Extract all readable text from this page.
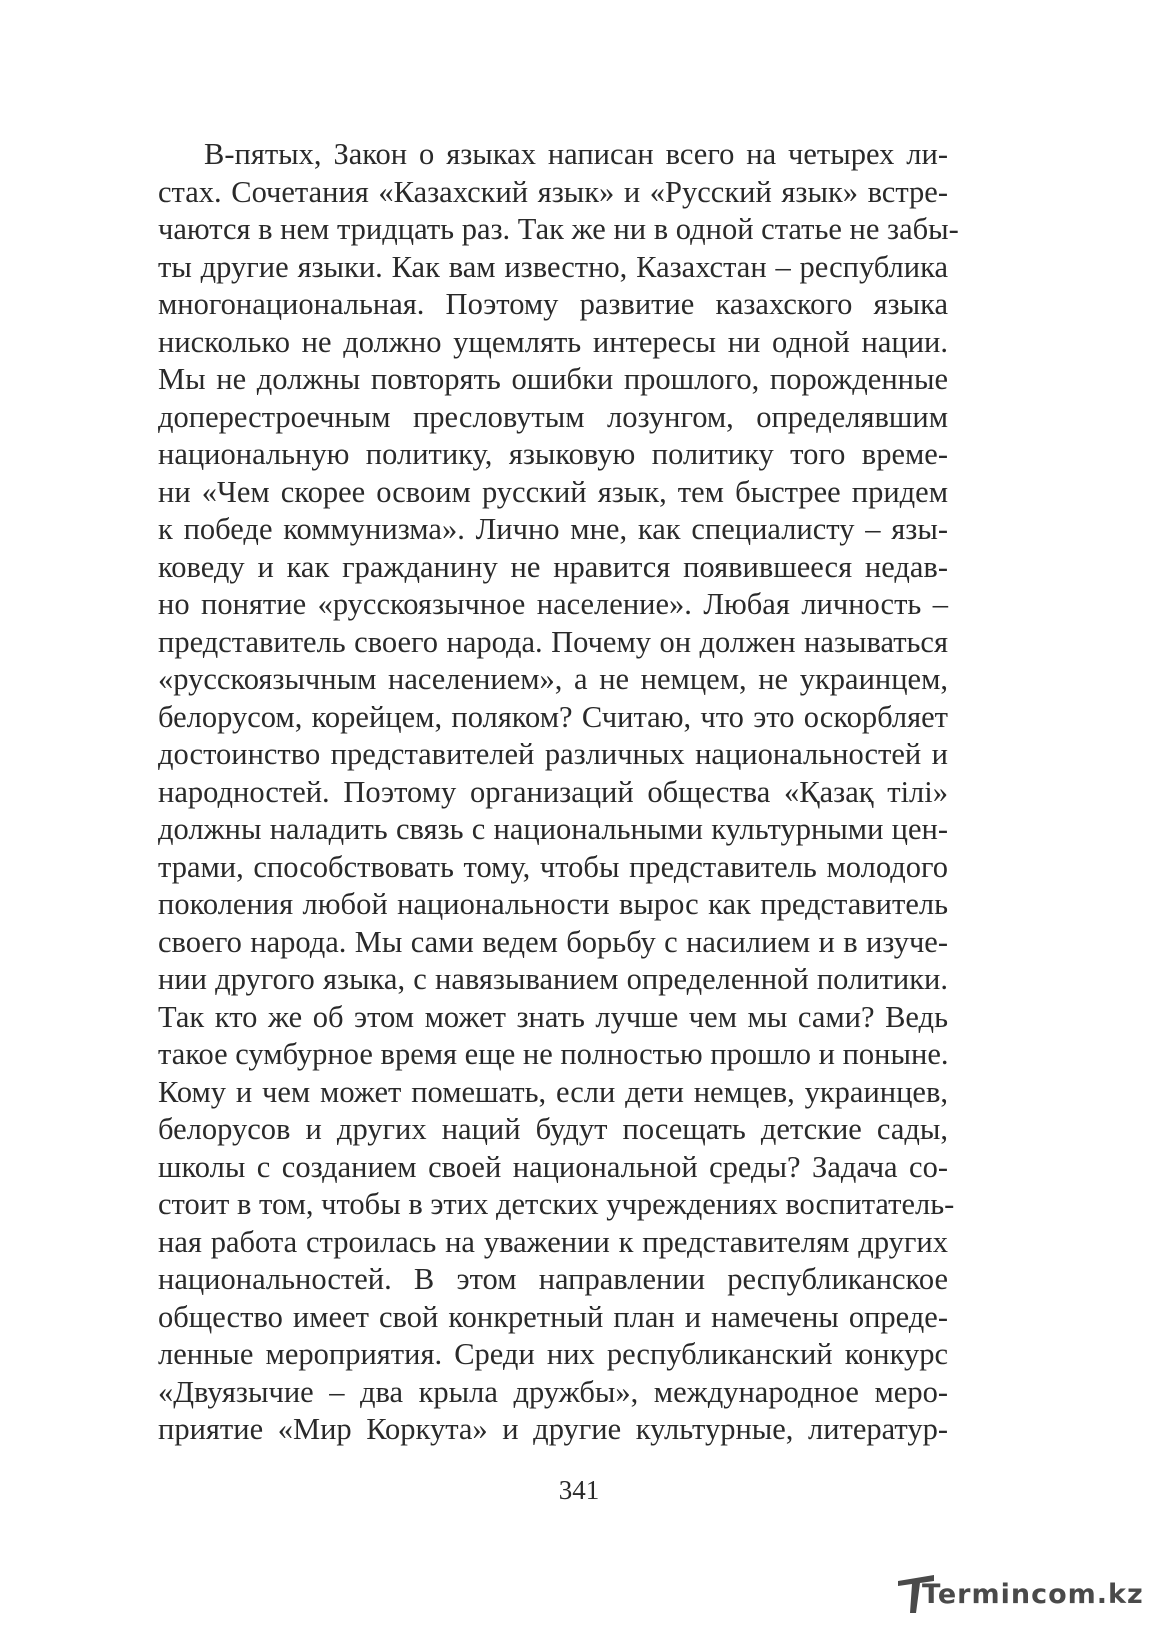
В-пятых, Закон о языках написан всего на четырех ли-
стах. Сочетания «Казахский язык» и «Русский язык» встре-
чаются в нем тридцать раз. Так же ни в одной статье не забы-
ты другие языки. Как вам известно, Казахстан – республика
многонациональная. Поэтому развитие казахского языка
нисколько не должно ущемлять интересы ни одной нации.
Мы не должны повторять ошибки прошлого, порожденные
доперестроечным пресловутым лозунгом, определявшим
национальную политику, языковую политику того време-
ни «Чем скорее освоим русский язык, тем быстрее придем
к победе коммунизма». Лично мне, как специалисту – язы-
коведу и как гражданину не нравится появившееся недав-
но понятие «русскоязычное население». Любая личность –
представитель своего народа. Почему он должен называться
«русскоязычным населением», а не немцем, не украинцем,
белорусом, корейцем, поляком? Считаю, что это оскорбляет
достоинство представителей различных национальностей и
народностей. Поэтому организаций общества «Қазақ тілі»
должны наладить связь с национальными культурными цен-
трами, способствовать тому, чтобы представитель молодого
поколения любой национальности вырос как представитель
своего народа. Мы сами ведем борьбу с насилием и в изуче-
нии другого языка, с навязыванием определенной политики.
Так кто же об этом может знать лучше чем мы сами? Ведь
такое сумбурное время еще не полностью прошло и поныне.
Кому и чем может помешать, если дети немцев, украинцев,
белорусов и других наций будут посещать детские сады,
школы с созданием своей национальной среды? Задача со-
стоит в том, чтобы в этих детских учреждениях воспитатель-
ная работа строилась на уважении к представителям других
национальностей. В этом направлении республиканское
общество имеет свой конкретный план и намечены опреде-
ленные мероприятия. Среди них республиканский конкурс
«Двуязычие – два крыла дружбы», международное меро-
приятие «Мир Коркута» и другие культурные, литератур-
341
Termincom.kz
